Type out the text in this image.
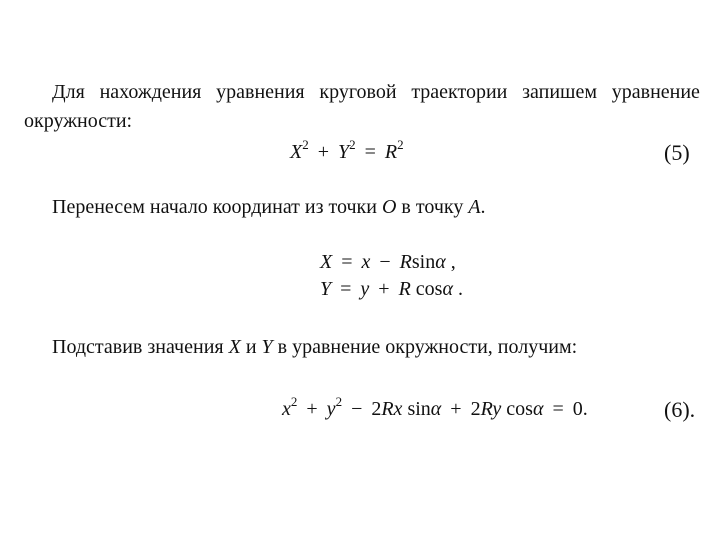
Для нахождения уравнения круговой траектории запишем уравнение
окружности:
$X^2 + Y^2 = R^2$	(5)
Перенесем начало координат из точки O в точку A.
X = x − Rsinα ,
Y = y + R cosα .
Подставив значения X и Y в уравнение окружности, получим:
$x^2 + y^2 - 2Rx$ sinα + 2Ry cosα = 0.	(6).
